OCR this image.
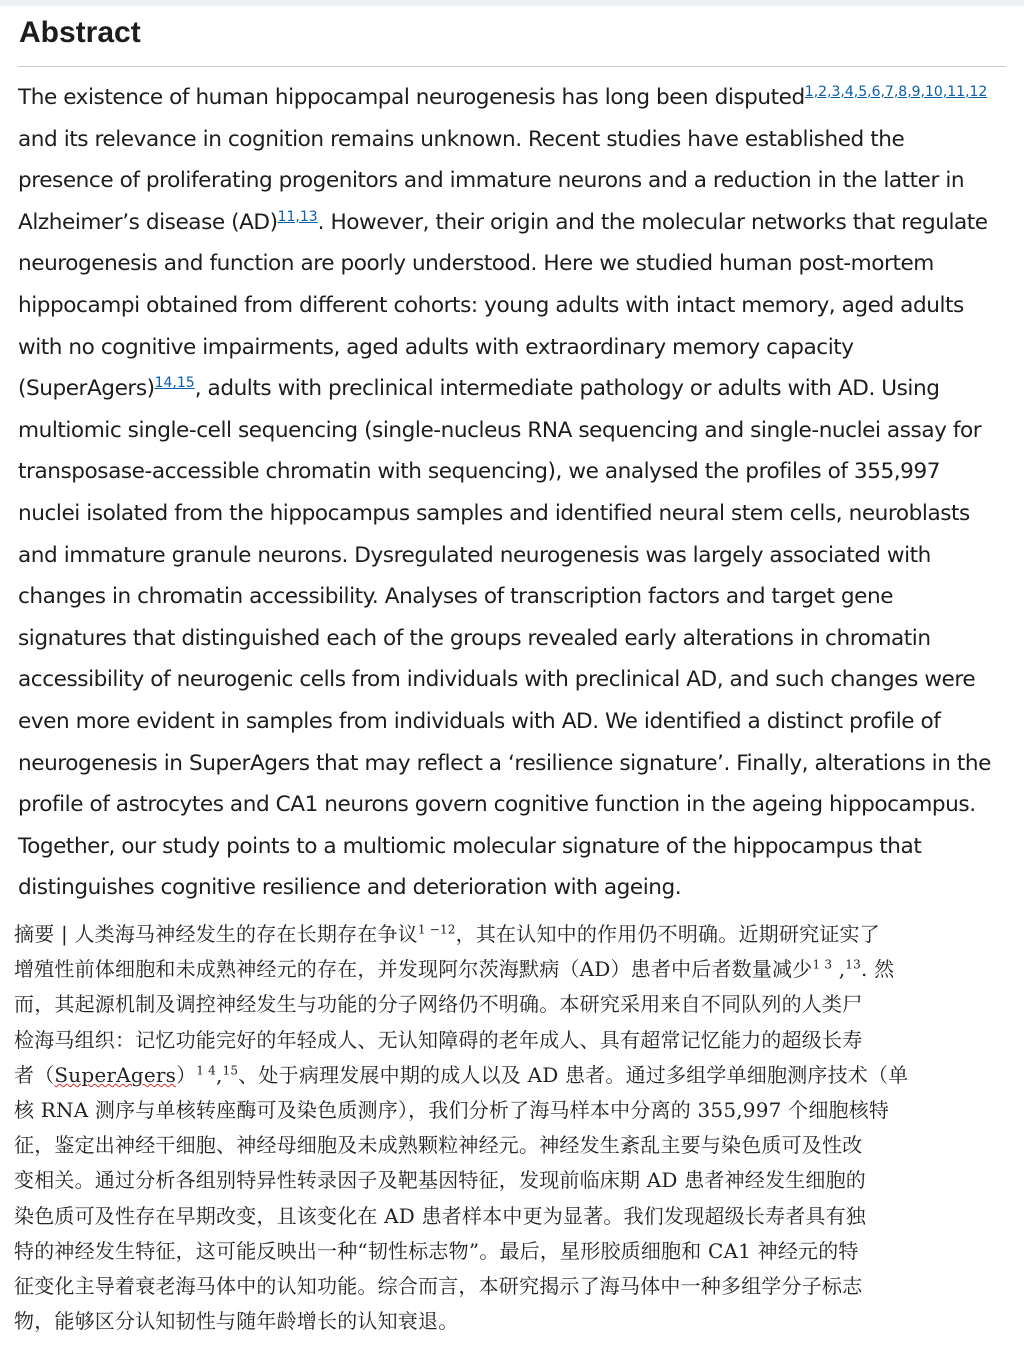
Abstract
The existence of human hippocampal neurogenesis has long been disputed$^{1,2,3,4,5,6,7,8,9,10,11,12}$
and its relevance in cognition remains unknown. Recent studies have established the
presence of proliferating progenitors and immature neurons and a reduction in the latter in
Alzheimer’s disease (AD)$^{11,13}$. However, their origin and the molecular networks that regulate
neurogenesis and function are poorly understood. Here we studied human post-mortem
hippocampi obtained from different cohorts: young adults with intact memory, aged adults
with no cognitive impairments, aged adults with extraordinary memory capacity
(SuperAgers)$^{14,15}$, adults with preclinical intermediate pathology or adults with AD. Using
multiomic single-cell sequencing (single-nucleus RNA sequencing and single-nuclei assay for
transposase-accessible chromatin with sequencing), we analysed the profiles of 355,997
nuclei isolated from the hippocampus samples and identified neural stem cells, neuroblasts
and immature granule neurons. Dysregulated neurogenesis was largely associated with
changes in chromatin accessibility. Analyses of transcription factors and target gene
signatures that distinguished each of the groups revealed early alterations in chromatin
accessibility of neurogenic cells from individuals with preclinical AD, and such changes were
even more evident in samples from individuals with AD. We identified a distinct profile of
neurogenesis in SuperAgers that may reflect a ‘resilience signature’. Finally, alterations in the
profile of astrocytes and CA1 neurons govern cognitive function in the ageing hippocampus.
Together, our study points to a multiomic molecular signature of the hippocampus that
distinguishes cognitive resilience and deterioration with ageing.
摘要 | 人类海马神经发生的存在长期存在争议$^{1 -12}$，其在认知中的作用仍不明确。近期研究证实了
增殖性前体细胞和未成熟神经元的存在，并发现阿尔茨海默病（AD）患者中后者数量减少$^{1 3}$ ,$^{13}$. 然
而，其起源机制及调控神经发生与功能的分子网络仍不明确。本研究采用来自不同队列的人类尸
检海马组织：记忆功能完好的年轻成人、无认知障碍的老年成人、具有超常记忆能力的超级长寿
者（SuperAgers）$^{1 4}$,$^{15}$、处于病理发展中期的成人以及 AD 患者。通过多组学单细胞测序技术（单
核 RNA 测序与单核转座酶可及染色质测序），我们分析了海马样本中分离的 355,997 个细胞核特
征，鉴定出神经干细胞、神经母细胞及未成熟颗粒神经元。神经发生紊乱主要与染色质可及性改
变相关。通过分析各组别特异性转录因子及靶基因特征，发现前临床期 AD 患者神经发生细胞的
染色质可及性存在早期改变，且该变化在 AD 患者样本中更为显著。我们发现超级长寿者具有独
特的神经发生特征，这可能反映出一种“韧性标志物”。最后，星形胶质细胞和 CA1 神经元的特
征变化主导着衰老海马体中的认知功能。综合而言，本研究揭示了海马体中一种多组学分子标志
物，能够区分认知韧性与随年龄增长的认知衰退。
